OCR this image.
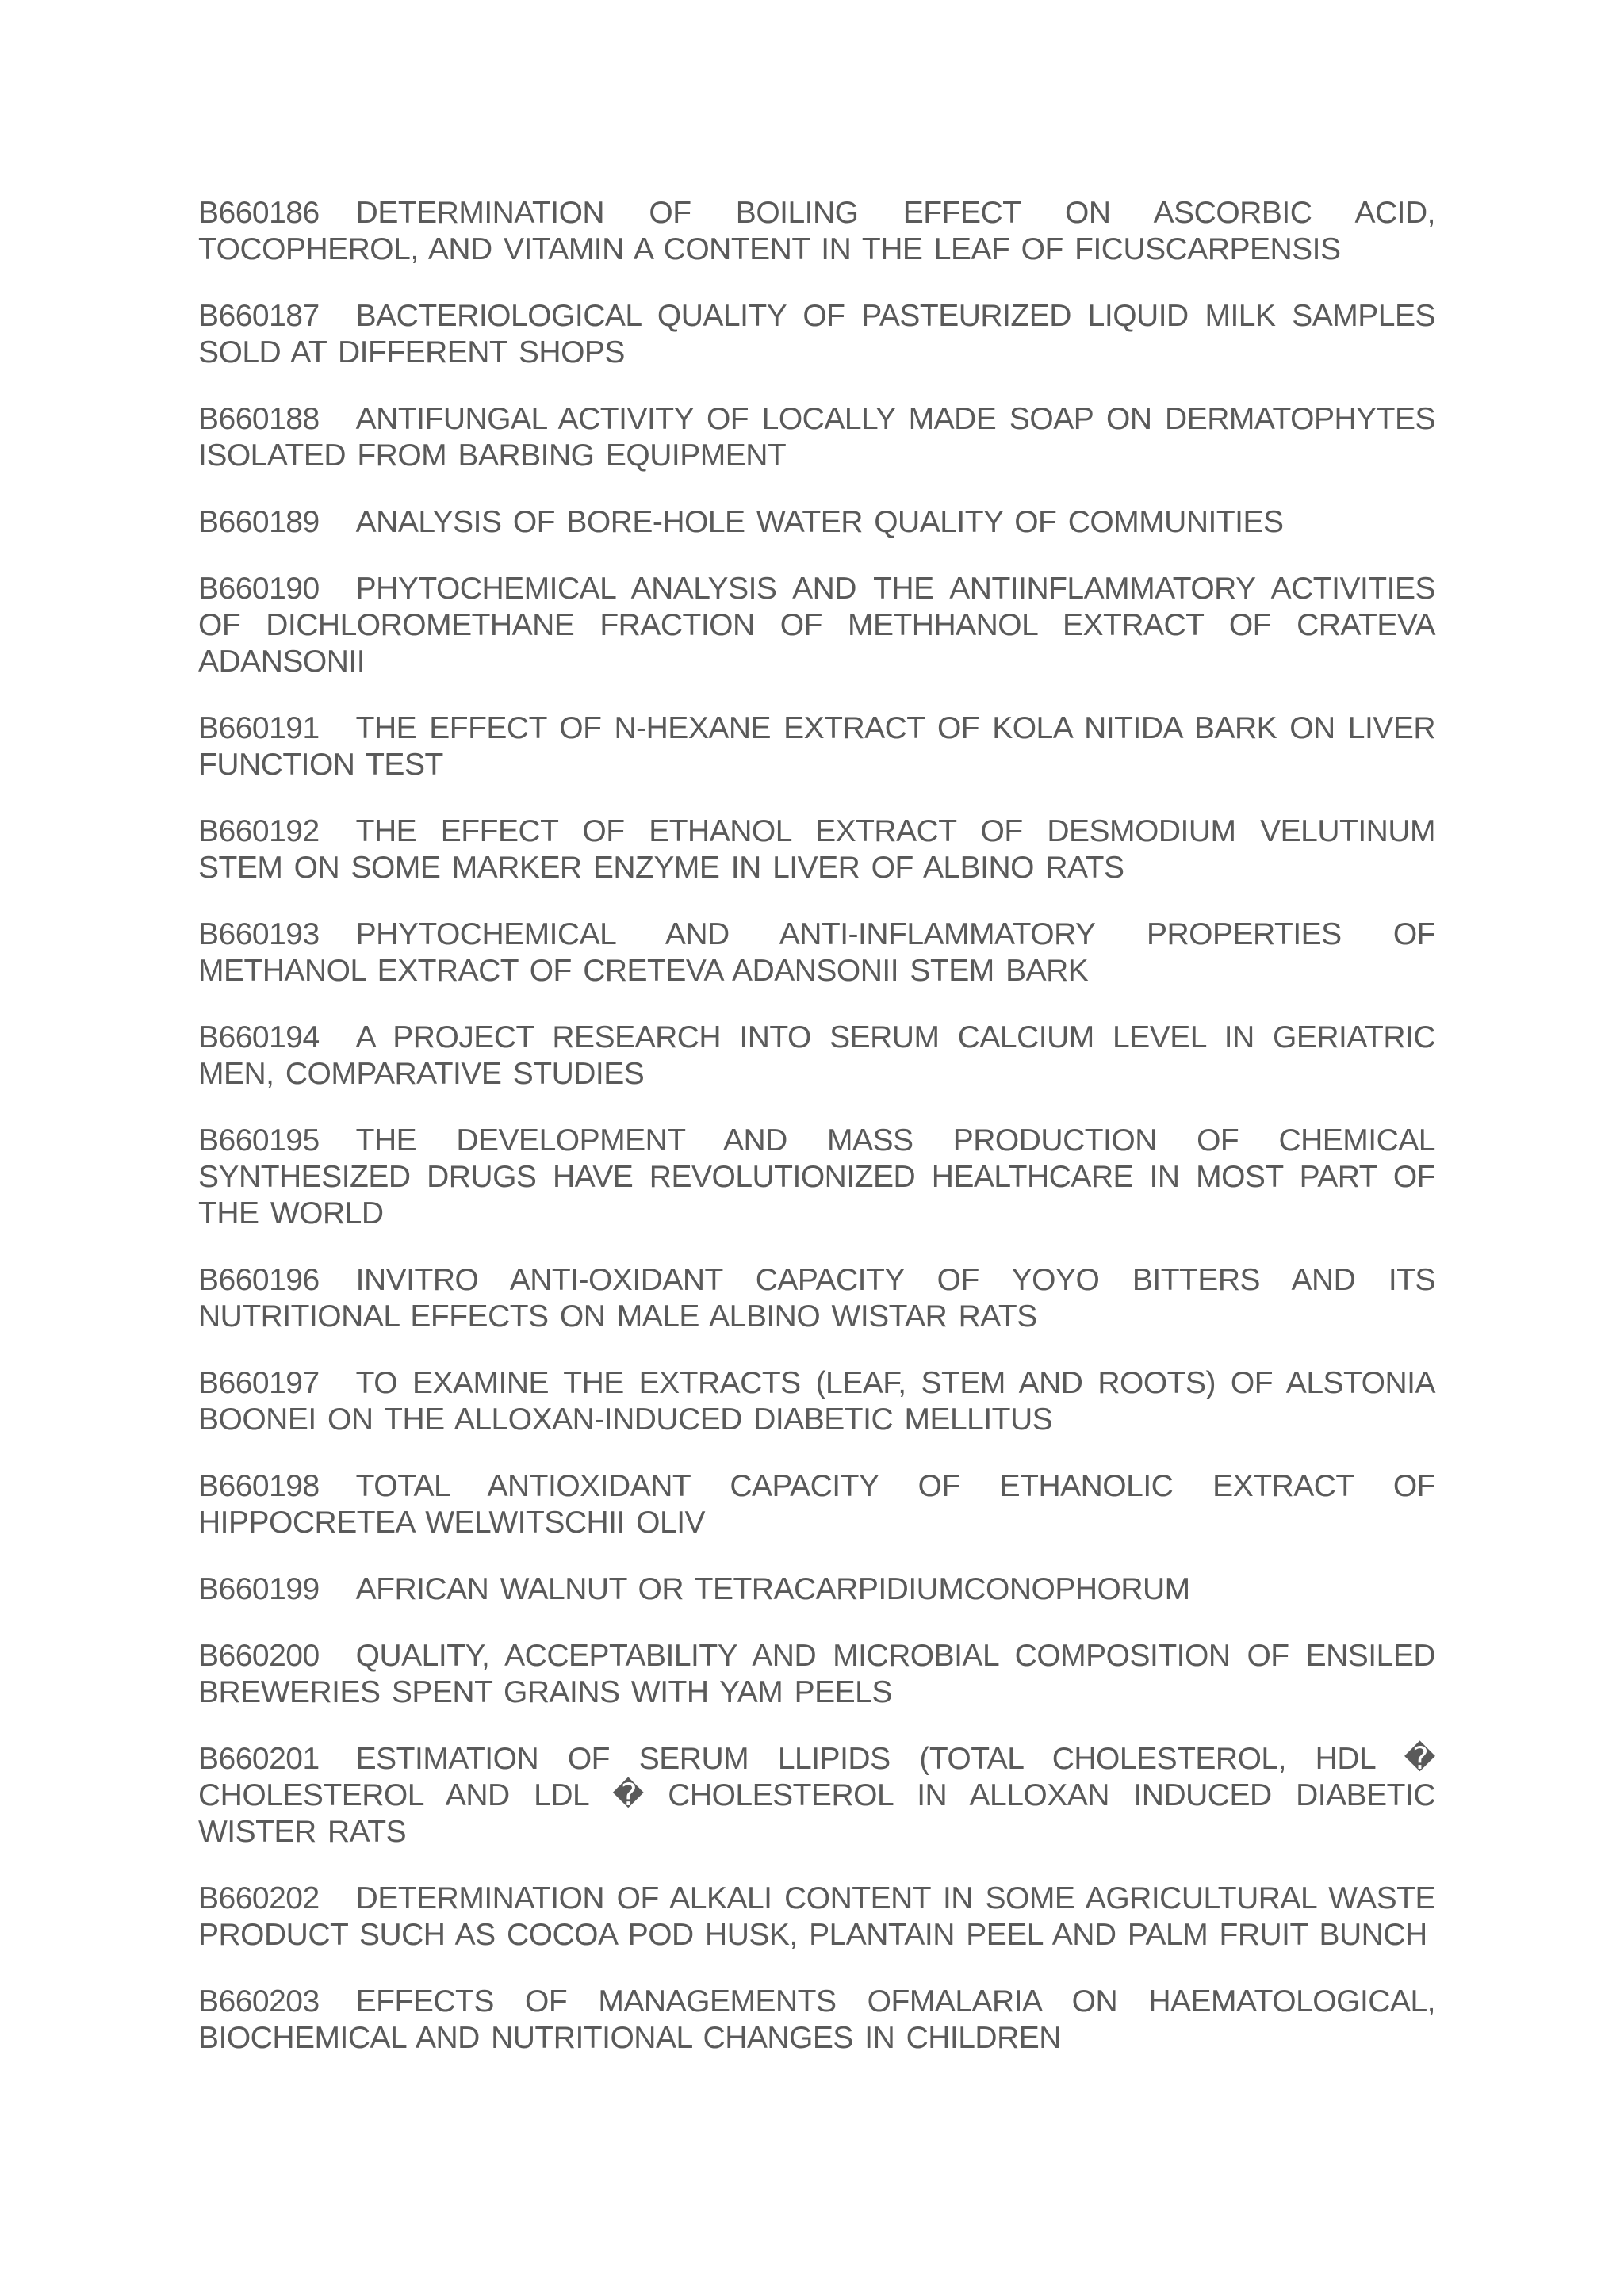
B660186 DETERMINATION OF BOILING EFFECT ON ASCORBIC ACID, TOCOPHEROL, AND VITAMIN A CONTENT IN THE LEAF OF FICUSCARPENSIS

B660187 BACTERIOLOGICAL QUALITY OF PASTEURIZED LIQUID MILK SAMPLES SOLD AT DIFFERENT SHOPS

B660188 ANTIFUNGAL ACTIVITY OF LOCALLY MADE SOAP ON DERMATOPHYTES ISOLATED FROM BARBING EQUIPMENT

B660189 ANALYSIS OF BORE-HOLE WATER QUALITY OF COMMUNITIES

B660190 PHYTOCHEMICAL ANALYSIS AND THE ANTIINFLAMMATORY ACTIVITIES OF DICHLOROMETHANE FRACTION OF METHHANOL EXTRACT OF CRATEVA ADANSONII

B660191 THE EFFECT OF N-HEXANE EXTRACT OF KOLA NITIDA BARK ON LIVER FUNCTION TEST

B660192 THE EFFECT OF ETHANOL EXTRACT OF DESMODIUM VELUTINUM STEM ON SOME MARKER ENZYME IN LIVER OF ALBINO RATS

B660193 PHYTOCHEMICAL AND ANTI-INFLAMMATORY PROPERTIES OF METHANOL EXTRACT OF CRETEVA ADANSONII STEM BARK

B660194 A PROJECT RESEARCH INTO SERUM CALCIUM LEVEL IN GERIATRIC MEN, COMPARATIVE STUDIES

B660195 THE DEVELOPMENT AND MASS PRODUCTION OF CHEMICAL SYNTHESIZED DRUGS HAVE REVOLUTIONIZED HEALTHCARE IN MOST PART OF THE WORLD

B660196 INVITRO ANTI-OXIDANT CAPACITY OF YOYO BITTERS AND ITS NUTRITIONAL EFFECTS ON MALE ALBINO WISTAR RATS

B660197 TO EXAMINE THE EXTRACTS (LEAF, STEM AND ROOTS) OF ALSTONIA BOONEI ON THE ALLOXAN-INDUCED DIABETIC MELLITUS

B660198 TOTAL ANTIOXIDANT CAPACITY OF ETHANOLIC EXTRACT OF HIPPOCRETEA WELWITSCHII OLIV

B660199 AFRICAN WALNUT OR TETRACARPIDIUMCONOPHORUM

B660200 QUALITY, ACCEPTABILITY AND MICROBIAL COMPOSITION OF ENSILED BREWERIES SPENT GRAINS WITH YAM PEELS

B660201 ESTIMATION OF SERUM LLIPIDS (TOTAL CHOLESTEROL, HDL � CHOLESTEROL AND LDL � CHOLESTEROL IN ALLOXAN INDUCED DIABETIC WISTER RATS

B660202 DETERMINATION OF ALKALI CONTENT IN SOME AGRICULTURAL WASTE PRODUCT SUCH AS COCOA POD HUSK, PLANTAIN PEEL AND PALM FRUIT BUNCH

B660203 EFFECTS OF MANAGEMENTS OFMALARIA ON HAEMATOLOGICAL, BIOCHEMICAL AND NUTRITIONAL CHANGES IN CHILDREN
